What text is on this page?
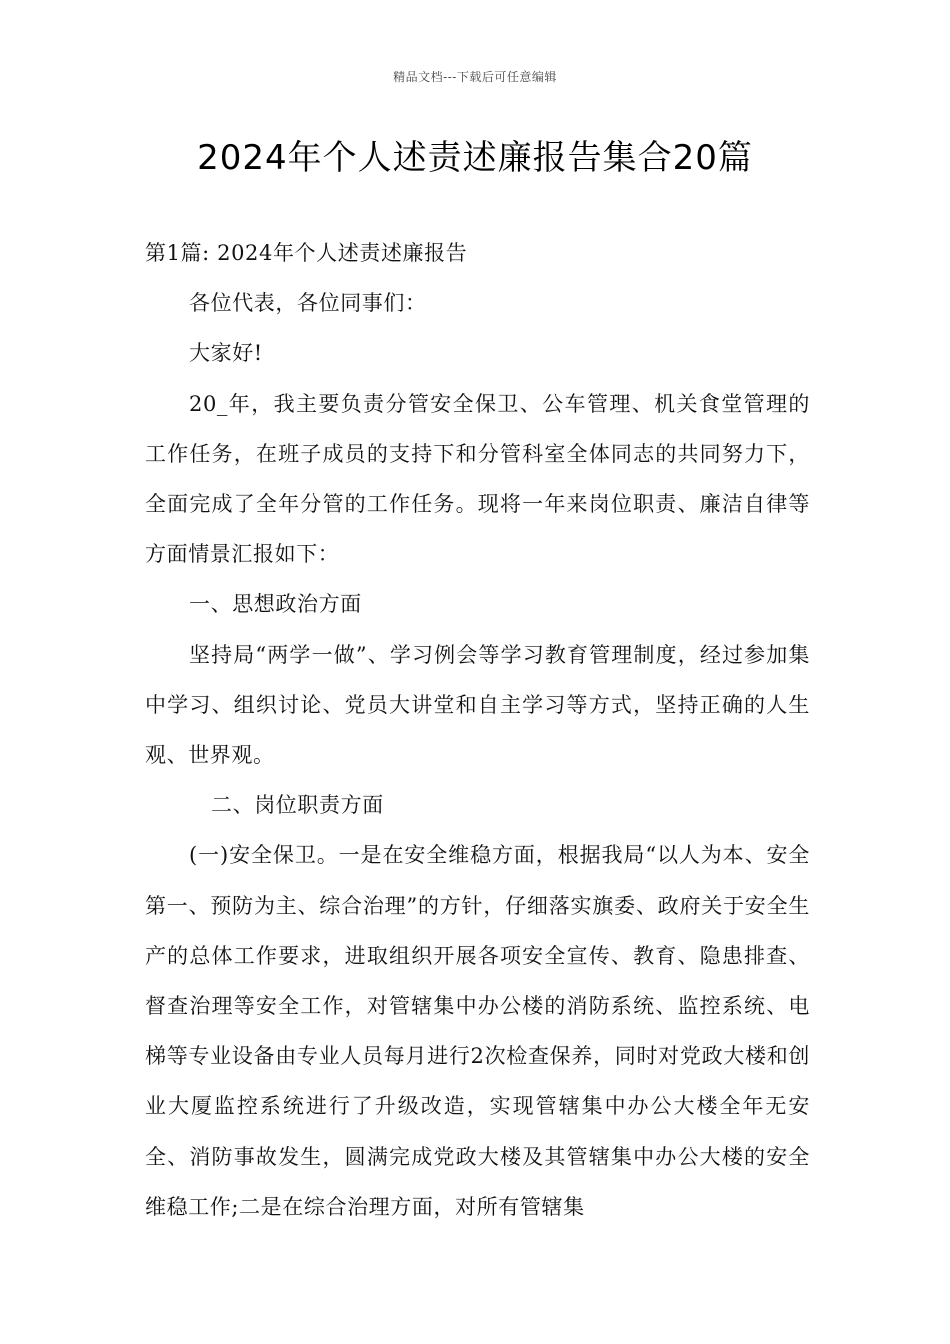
精品文档---下载后可任意编辑
2024年个人述责述廉报告集合20篇

第1篇: 2024年个人述责述廉报告

各位代表，各位同事们：

大家好!

20_年，我主要负责分管安全保卫、公车管理、机关食堂管理的工作任务，在班子成员的支持下和分管科室全体同志的共同努力下，全面完成了全年分管的工作任务。现将一年来岗位职责、廉洁自律等方面情景汇报如下：

一、思想政治方面

坚持局“两学一做”、学习例会等学习教育管理制度，经过参加集中学习、组织讨论、党员大讲堂和自主学习等方式，坚持正确的人生观、世界观。

二、岗位职责方面

(一)安全保卫。一是在安全维稳方面，根据我局“以人为本、安全第一、预防为主、综合治理”的方针，仔细落实旗委、政府关于安全生产的总体工作要求，进取组织开展各项安全宣传、教育、隐患排查、督查治理等安全工作，对管辖集中办公楼的消防系统、监控系统、电梯等专业设备由专业人员每月进行2次检查保养，同时对党政大楼和创业大厦监控系统进行了升级改造，实现管辖集中办公大楼全年无安全、消防事故发生，圆满完成党政大楼及其管辖集中办公大楼的安全维稳工作;二是在综合治理方面，对所有管辖集
